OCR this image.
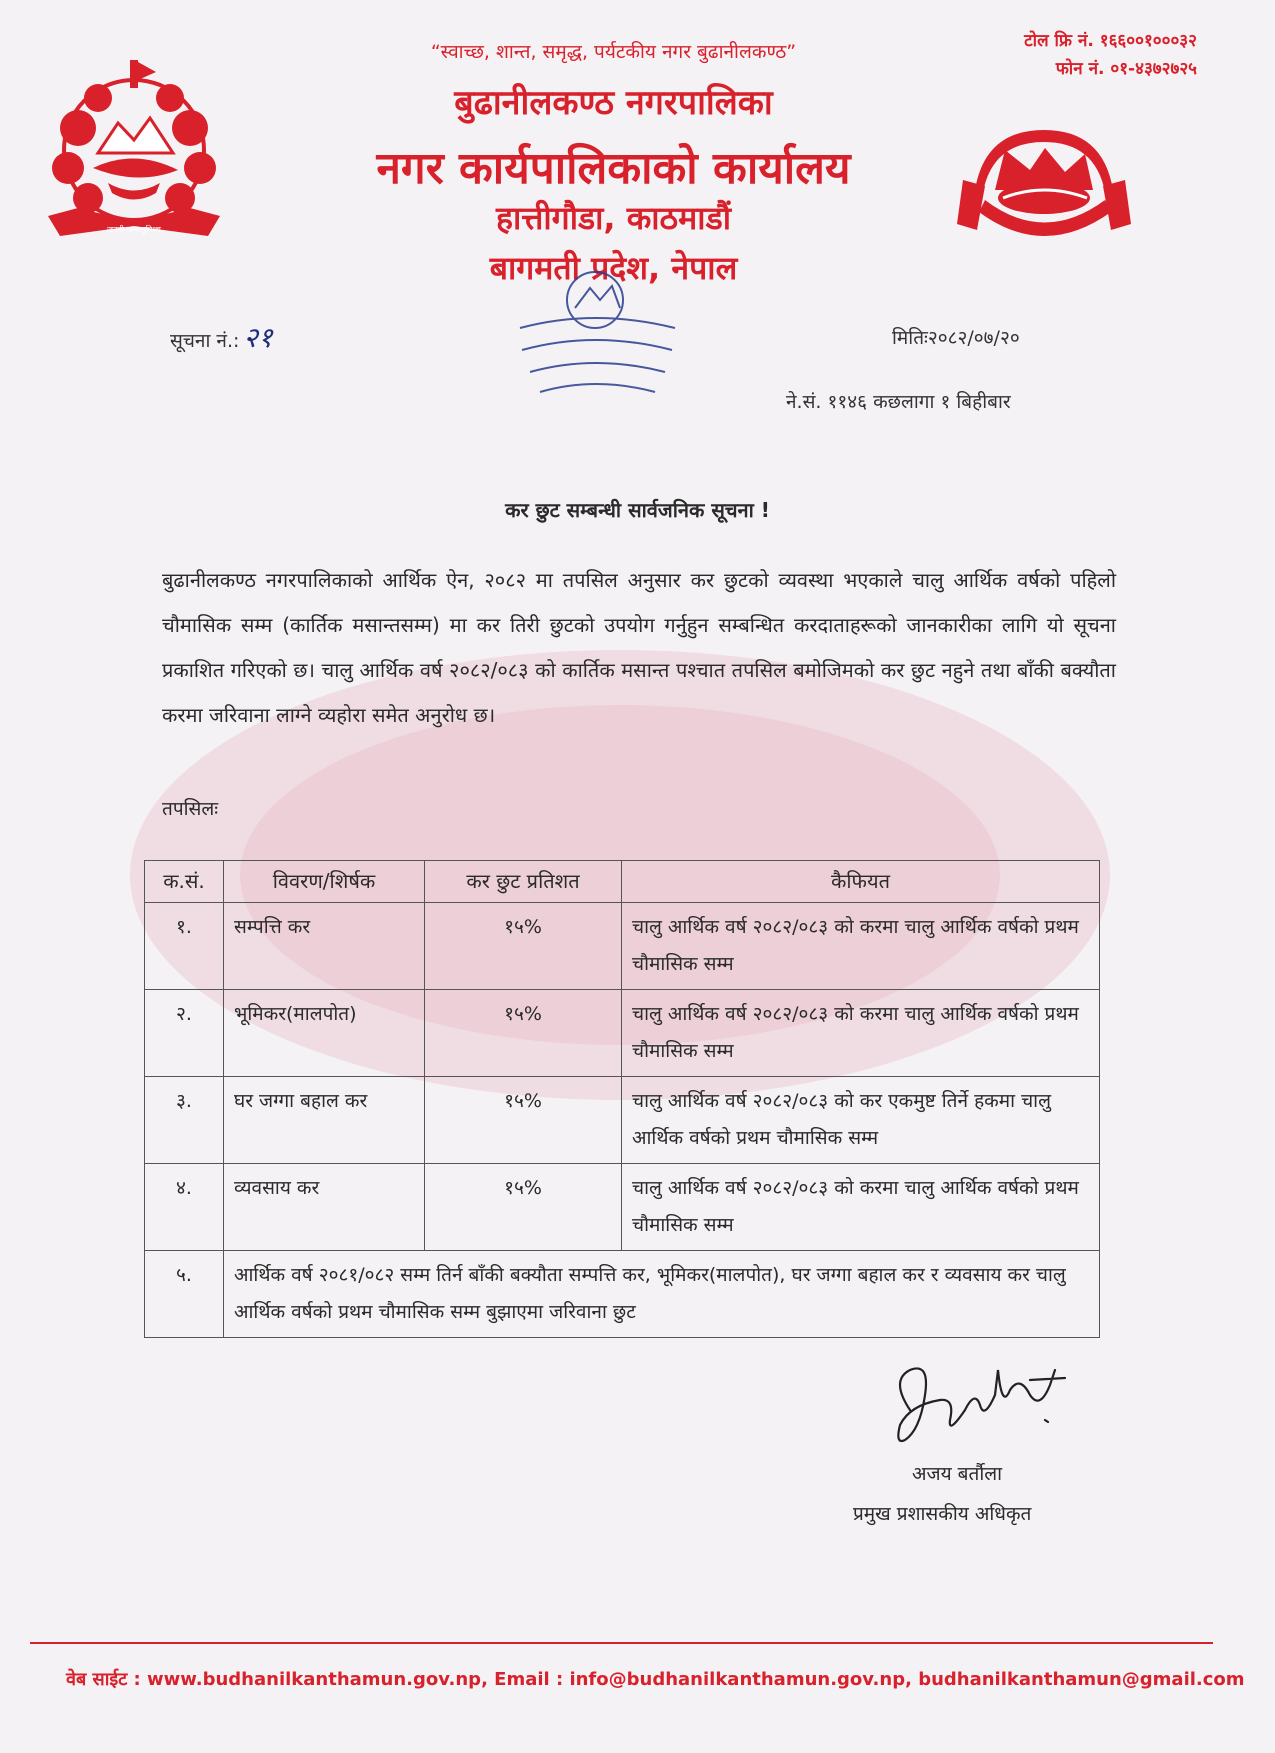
जननी जन्मभूमिश्च
“स्वाच्छ, शान्त, समृद्ध, पर्यटकीय नगर बुढानीलकण्ठ”
बुढानीलकण्ठ नगरपालिका
नगर कार्यपालिकाको कार्यालय
हात्तीगौडा, काठमाडौं
बागमती प्रदेश, नेपाल
टोल फ्रि नं. १६६००१०००३२
फोन नं. ०१-४३७२७२५
सूचना नं.: २१	मितिः२०८२/०७/२०
ने.सं. ११४६ कछलागा १ बिहीबार
कर छुट सम्बन्धी सार्वजनिक सूचना !
बुढानीलकण्ठ नगरपालिकाको आर्थिक ऐन, २०८२ मा तपसिल अनुसार कर छुटको व्यवस्था भएकाले चालु आर्थिक वर्षको पहिलो चौमासिक सम्म (कार्तिक मसान्तसम्म) मा कर तिरी छुटको उपयोग गर्नुहुन सम्बन्धित करदाताहरूको जानकारीका लागि यो सूचना प्रकाशित गरिएको छ। चालु आर्थिक वर्ष २०८२/०८३ को कार्तिक मसान्त पश्चात तपसिल बमोजिमको कर छुट नहुने तथा बाँकी बक्यौता करमा जरिवाना लाग्ने व्यहोरा समेत अनुरोध छ।
तपसिलः
क.सं.	विवरण/शिर्षक	कर छुट प्रतिशत	कैफियत
१.	सम्पत्ति कर	१५%	चालु आर्थिक वर्ष २०८२/०८३ को करमा चालु आर्थिक वर्षको प्रथम चौमासिक सम्म
२.	भूमिकर(मालपोत)	१५%	चालु आर्थिक वर्ष २०८२/०८३ को करमा चालु आर्थिक वर्षको प्रथम चौमासिक सम्म
३.	घर जग्गा बहाल कर	१५%	चालु आर्थिक वर्ष २०८२/०८३ को कर एकमुष्ट तिर्ने हकमा चालु आर्थिक वर्षको प्रथम चौमासिक सम्म
४.	व्यवसाय कर	१५%	चालु आर्थिक वर्ष २०८२/०८३ को करमा चालु आर्थिक वर्षको प्रथम चौमासिक सम्म
५.	आर्थिक वर्ष २०८१/०८२ सम्म तिर्न बाँकी बक्यौता सम्पत्ति कर, भूमिकर(मालपोत), घर जग्गा बहाल कर र व्यवसाय कर चालु आर्थिक वर्षको प्रथम चौमासिक सम्म बुझाएमा जरिवाना छुट		
अजय बर्तौला
प्रमुख प्रशासकीय अधिकृत
वेब साईट : www.budhanilkanthamun.gov.np, Email : info@budhanilkanthamun.gov.np, budhanilkanthamun@gmail.com
